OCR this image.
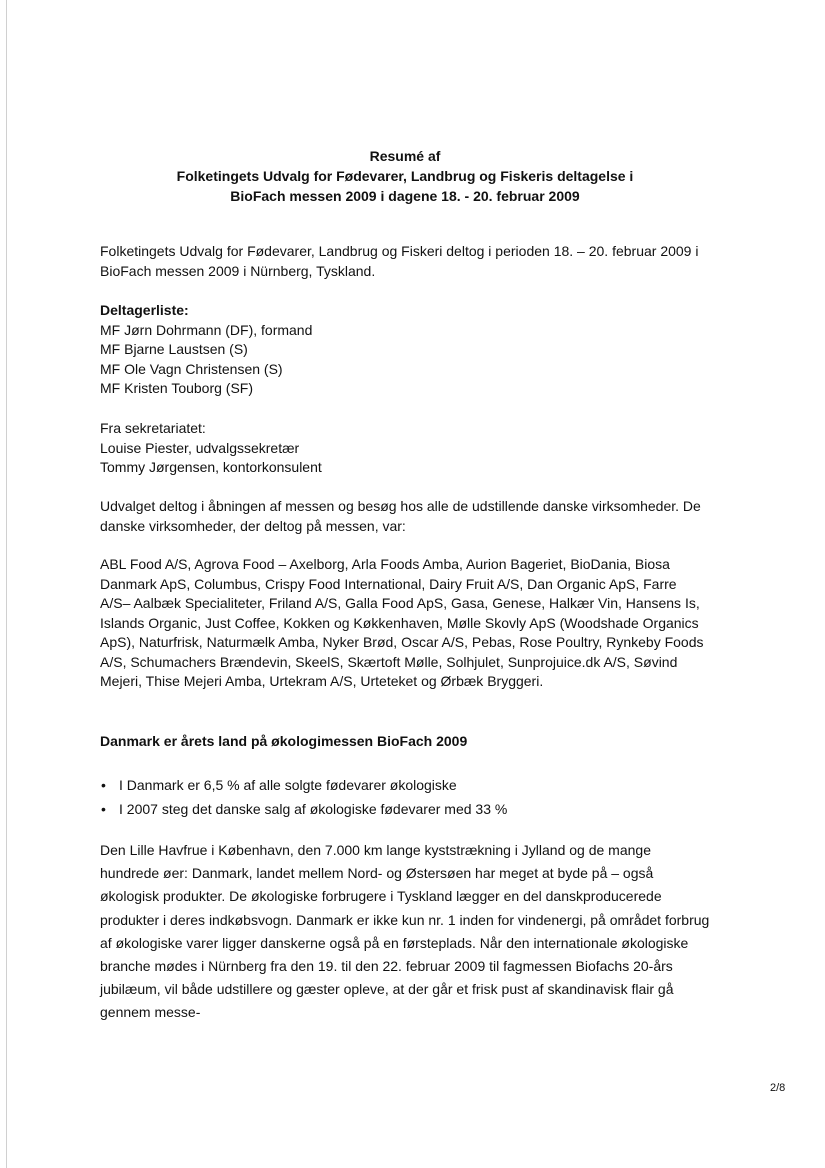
Resumé af
Folketingets Udvalg for Fødevarer, Landbrug og Fiskeris deltagelse i
BioFach messen 2009 i dagene 18. - 20. februar 2009
Folketingets Udvalg for Fødevarer, Landbrug og Fiskeri deltog i perioden 18. – 20. februar 2009 i BioFach messen 2009 i Nürnberg, Tyskland.
Deltagerliste:
MF Jørn Dohrmann (DF), formand
MF Bjarne Laustsen (S)
MF Ole Vagn Christensen (S)
MF Kristen Touborg (SF)
Fra sekretariatet:
Louise Piester, udvalgssekretær
Tommy Jørgensen, kontorkonsulent
Udvalget deltog i åbningen af messen og besøg hos alle de udstillende danske virksomheder. De danske virksomheder, der deltog på messen, var:
ABL Food A/S, Agrova Food – Axelborg, Arla Foods Amba, Aurion Bageriet, BioDania, Biosa Danmark ApS, Columbus, Crispy Food International, Dairy Fruit A/S, Dan Organic ApS, Farre A/S– Aalbæk Specialiteter, Friland A/S, Galla Food ApS, Gasa, Genese, Halkær Vin, Hansens Is, Islands Organic, Just Coffee, Kokken og Køkkenhaven, Mølle Skovly ApS (Woodshade Organics ApS), Naturfrisk, Naturmælk Amba, Nyker Brød, Oscar A/S, Pebas, Rose Poultry, Rynkeby Foods A/S, Schumachers Brændevin, SkeelS, Skærtoft Mølle, Solhjulet, Sunprojuice.dk A/S, Søvind Mejeri, Thise Mejeri Amba, Urtekram A/S, Urteteket og Ørbæk Bryggeri.
Danmark er årets land på økologimessen BioFach 2009
• I Danmark er 6,5 % af alle solgte fødevarer økologiske
• I 2007 steg det danske salg af økologiske fødevarer med 33 %
Den Lille Havfrue i København, den 7.000 km lange kyststrækning i Jylland og de mange hundrede øer: Danmark, landet mellem Nord- og Østersøen har meget at byde på – også økologisk produkter. De økologiske forbrugere i Tyskland lægger en del danskproducerede produkter i deres indkøbsvogn. Danmark er ikke kun nr. 1 inden for vindenergi, på området forbrug af økologiske varer ligger danskerne også på en førsteplads. Når den internationale økologiske branche mødes i Nürnberg fra den 19. til den 22. februar 2009 til fagmessen Biofachs 20-års jubilæum, vil både udstillere og gæster opleve, at der går et frisk pust af skandinavisk flair gå gennem messe-
2/8
